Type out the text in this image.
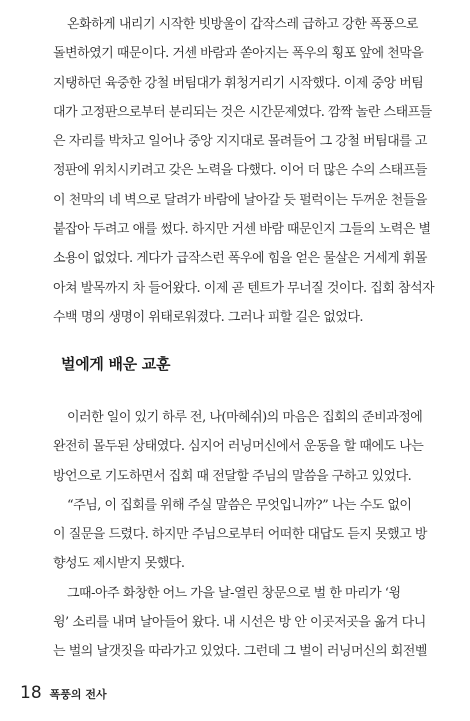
온화하게 내리기 시작한 빗방울이 갑작스레 급하고 강한 폭풍으로
돌변하였기 때문이다. 거센 바람과 쏟아지는 폭우의 횡포 앞에 천막을
지탱하던 육중한 강철 버팀대가 휘청거리기 시작했다. 이제 중앙 버팀
대가 고정판으로부터 분리되는 것은 시간문제였다. 깜짝 놀란 스태프들
은 자리를 박차고 일어나 중앙 지지대로 몰려들어 그 강철 버팀대를 고
정판에 위치시키려고 갖은 노력을 다했다. 이어 더 많은 수의 스태프들
이 천막의 네 벽으로 달려가 바람에 날아갈 듯 펄럭이는 두꺼운 천들을
붙잡아 두려고 애를 썼다. 하지만 거센 바람 때문인지 그들의 노력은 별
소용이 없었다. 게다가 급작스런 폭우에 힘을 얻은 물살은 거세게 휘몰
아쳐 발목까지 차 들어왔다. 이제 곧 텐트가 무너질 것이다. 집회 참석자
수백 명의 생명이 위태로워졌다. 그러나 피할 길은 없었다.
벌에게 배운 교훈
이러한 일이 있기 하루 전, 나(마헤쉬)의 마음은 집회의 준비과정에
완전히 몰두된 상태였다. 심지어 러닝머신에서 운동을 할 때에도 나는
방언으로 기도하면서 집회 때 전달할 주님의 말씀을 구하고 있었다.
“주님, 이 집회를 위해 주실 말씀은 무엇입니까?” 나는 수도 없이
이 질문을 드렸다. 하지만 주님으로부터 어떠한 대답도 듣지 못했고 방
향성도 제시받지 못했다.
그때-아주 화창한 어느 가을 날-열린 창문으로 벌 한 마리가 ‘윙
윙’ 소리를 내며 날아들어 왔다. 내 시선은 방 안 이곳저곳을 옮겨 다니
는 벌의 날갯짓을 따라가고 있었다. 그런데 그 벌이 러닝머신의 회전벨
18 폭풍의 전사
